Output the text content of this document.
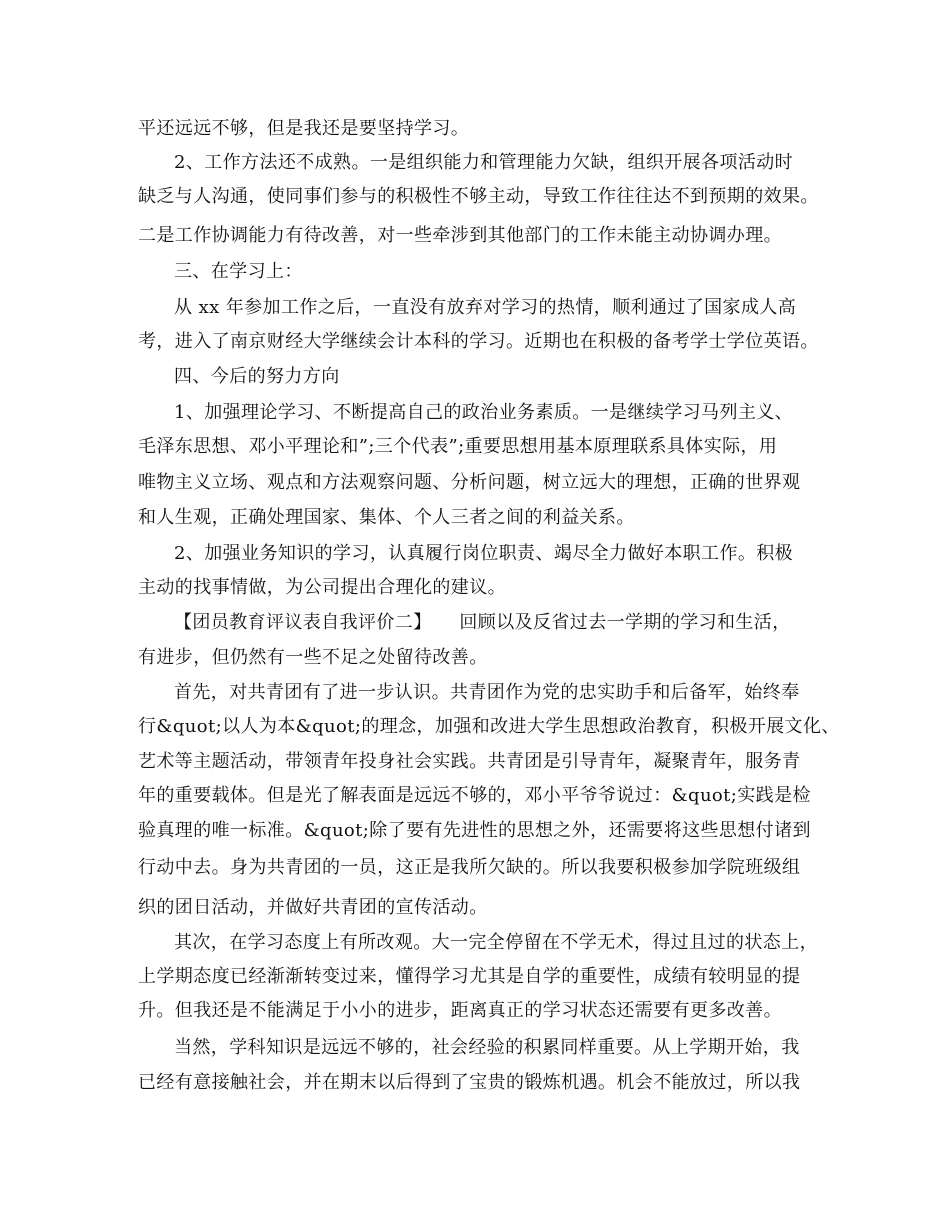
平还远远不够，但是我还是要坚持学习。
2、工作方法还不成熟。一是组织能力和管理能力欠缺，组织开展各项活动时
缺乏与人沟通，使同事们参与的积极性不够主动，导致工作往往达不到预期的效果。
二是工作协调能力有待改善，对一些牵涉到其他部门的工作未能主动协调办理。
三、在学习上：
从 xx 年参加工作之后，一直没有放弃对学习的热情，顺利通过了国家成人高
考，进入了南京财经大学继续会计本科的学习。近期也在积极的备考学士学位英语。
四、今后的努力方向
1、加强理论学习、不断提高自己的政治业务素质。一是继续学习马列主义、
毛泽东思想、邓小平理论和”;三个代表”;重要思想用基本原理联系具体实际，用
唯物主义立场、观点和方法观察问题、分析问题，树立远大的理想，正确的世界观
和人生观，正确处理国家、集体、个人三者之间的利益关系。
2、加强业务知识的学习，认真履行岗位职责、竭尽全力做好本职工作。积极
主动的找事情做，为公司提出合理化的建议。
【团员教育评议表自我评价二】　　回顾以及反省过去一学期的学习和生活，
有进步，但仍然有一些不足之处留待改善。
首先，对共青团有了进一步认识。共青团作为党的忠实助手和后备军，始终奉
行&quot;以人为本&quot;的理念，加强和改进大学生思想政治教育，积极开展文化、
艺术等主题活动，带领青年投身社会实践。共青团是引导青年，凝聚青年，服务青
年的重要载体。但是光了解表面是远远不够的，邓小平爷爷说过：&quot;实践是检
验真理的唯一标准。&quot;除了要有先进性的思想之外，还需要将这些思想付诸到
行动中去。身为共青团的一员，这正是我所欠缺的。所以我要积极参加学院班级组
织的团日活动，并做好共青团的宣传活动。
其次，在学习态度上有所改观。大一完全停留在不学无术，得过且过的状态上，
上学期态度已经渐渐转变过来，懂得学习尤其是自学的重要性，成绩有较明显的提
升。但我还是不能满足于小小的进步，距离真正的学习状态还需要有更多改善。
当然，学科知识是远远不够的，社会经验的积累同样重要。从上学期开始，我
已经有意接触社会，并在期末以后得到了宝贵的锻炼机遇。机会不能放过，所以我
